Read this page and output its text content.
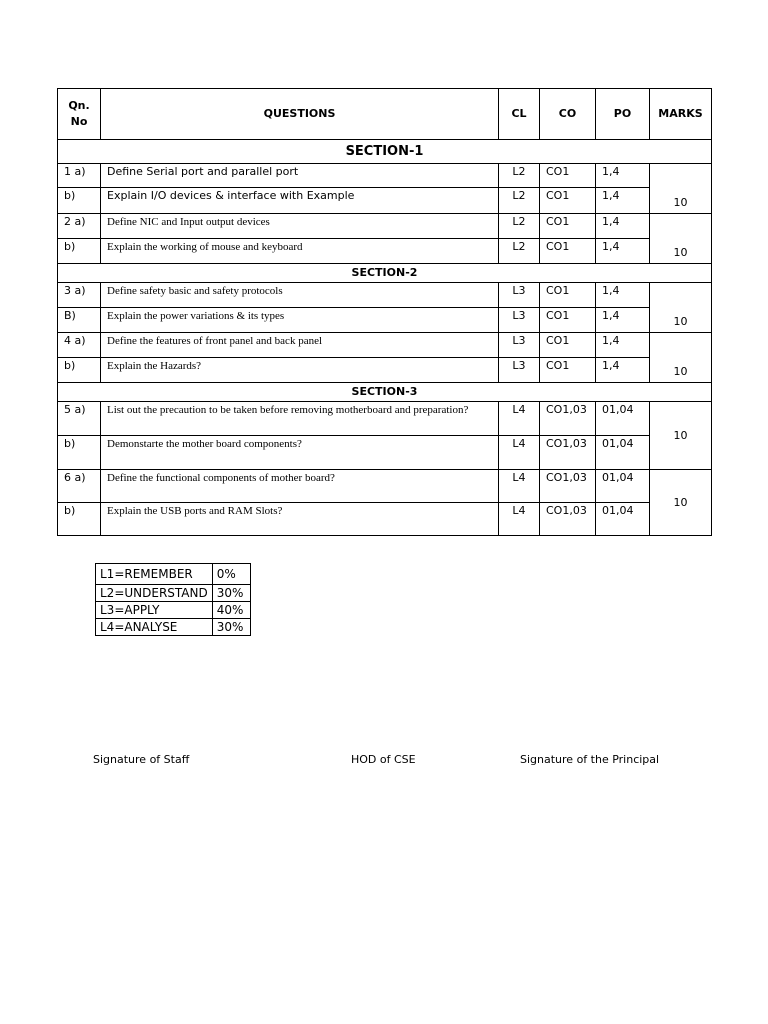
Qn.
No	QUESTIONS	CL	CO	PO	MARKS
SECTION-1					
1 a)	Define Serial port and parallel port	L2	CO1	1,4	10
b)	Explain I/O devices & interface with Example	L2	CO1	1,4	
2 a)	Define NIC and Input output devices	L2	CO1	1,4	10
b)	Explain the working of mouse and keyboard	L2	CO1	1,4	
SECTION-2					
3 a)	Define safety basic and safety protocols	L3	CO1	1,4	10
B)	Explain the power variations & its types	L3	CO1	1,4	
4 a)	Define the features of front panel and back panel	L3	CO1	1,4	10
b)	Explain the Hazards?	L3	CO1	1,4	
SECTION-3					
5 a)	List out the precaution to be taken before removing motherboard and preparation?	L4	CO1,03	01,04	10
b)	Demonstarte the mother board components?	L4	CO1,03	01,04	
6 a)	Define the functional components of mother board?	L4	CO1,03	01,04	10
b)	Explain the USB ports and RAM Slots?	L4	CO1,03	01,04	
L1=REMEMBER	0%
L2=UNDERSTAND	30%
L3=APPLY	40%
L4=ANALYSE	30%
Signature of Staff	HOD of CSE	Signature of the Principal
